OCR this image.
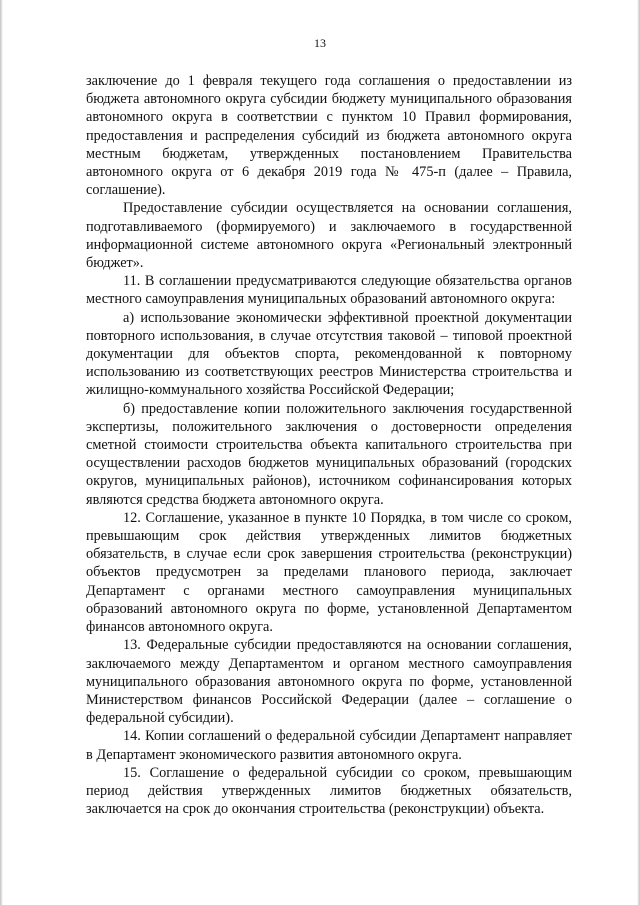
13

заключение до 1 февраля текущего года соглашения о предоставлении из бюджета автономного округа субсидии бюджету муниципального образования автономного округа в соответствии с пунктом 10 Правил формирования, предоставления и распределения субсидий из бюджета автономного округа местным бюджетам, утвержденных постановлением Правительства автономного округа от 6 декабря 2019 года № 475-п (далее – Правила, соглашение).

Предоставление субсидии осуществляется на основании соглашения, подготавливаемого (формируемого) и заключаемого в государственной информационной системе автономного округа «Региональный электронный бюджет».

11. В соглашении предусматриваются следующие обязательства органов местного самоуправления муниципальных образований автономного округа:

а) использование экономически эффективной проектной документации повторного использования, в случае отсутствия таковой – типовой проектной документации для объектов спорта, рекомендованной к повторному использованию из соответствующих реестров Министерства строительства и жилищно-коммунального хозяйства Российской Федерации;

б) предоставление копии положительного заключения государственной экспертизы, положительного заключения о достоверности определения сметной стоимости строительства объекта капитального строительства при осуществлении расходов бюджетов муниципальных образований (городских округов, муниципальных районов), источником софинансирования которых являются средства бюджета автономного округа.

12. Соглашение, указанное в пункте 10 Порядка, в том числе со сроком, превышающим срок действия утвержденных лимитов бюджетных обязательств, в случае если срок завершения строительства (реконструкции) объектов предусмотрен за пределами планового периода, заключает Департамент с органами местного самоуправления муниципальных образований автономного округа по форме, установленной Департаментом финансов автономного округа.

13. Федеральные субсидии предоставляются на основании соглашения, заключаемого между Департаментом и органом местного самоуправления муниципального образования автономного округа по форме, установленной Министерством финансов Российской Федерации (далее – соглашение о федеральной субсидии).

14. Копии соглашений о федеральной субсидии Департамент направляет в Департамент экономического развития автономного округа.

15. Соглашение о федеральной субсидии со сроком, превышающим период действия утвержденных лимитов бюджетных обязательств, заключается на срок до окончания строительства (реконструкции) объекта.
